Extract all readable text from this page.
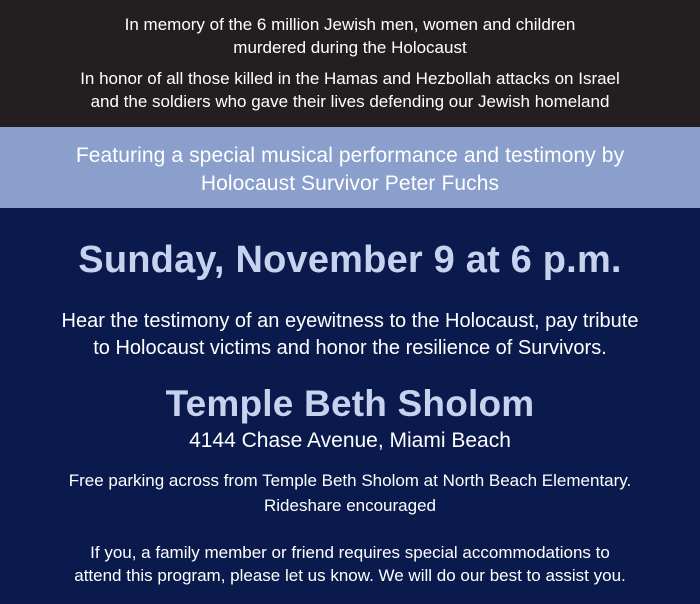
In memory of the 6 million Jewish men, women and children
murdered during the Holocaust

In honor of all those killed in the Hamas and Hezbollah attacks on Israel
and the soldiers who gave their lives defending our Jewish homeland

Featuring a special musical performance and testimony by
Holocaust Survivor Peter Fuchs
Sunday, November 9 at 6 p.m.

Hear the testimony of an eyewitness to the Holocaust, pay tribute
to Holocaust victims and honor the resilience of Survivors.

Temple Beth Sholom

4144 Chase Avenue, Miami Beach

Free parking across from Temple Beth Sholom at North Beach Elementary.
Rideshare encouraged

If you, a family member or friend requires special accommodations to
attend this program, please let us know. We will do our best to assist you.
